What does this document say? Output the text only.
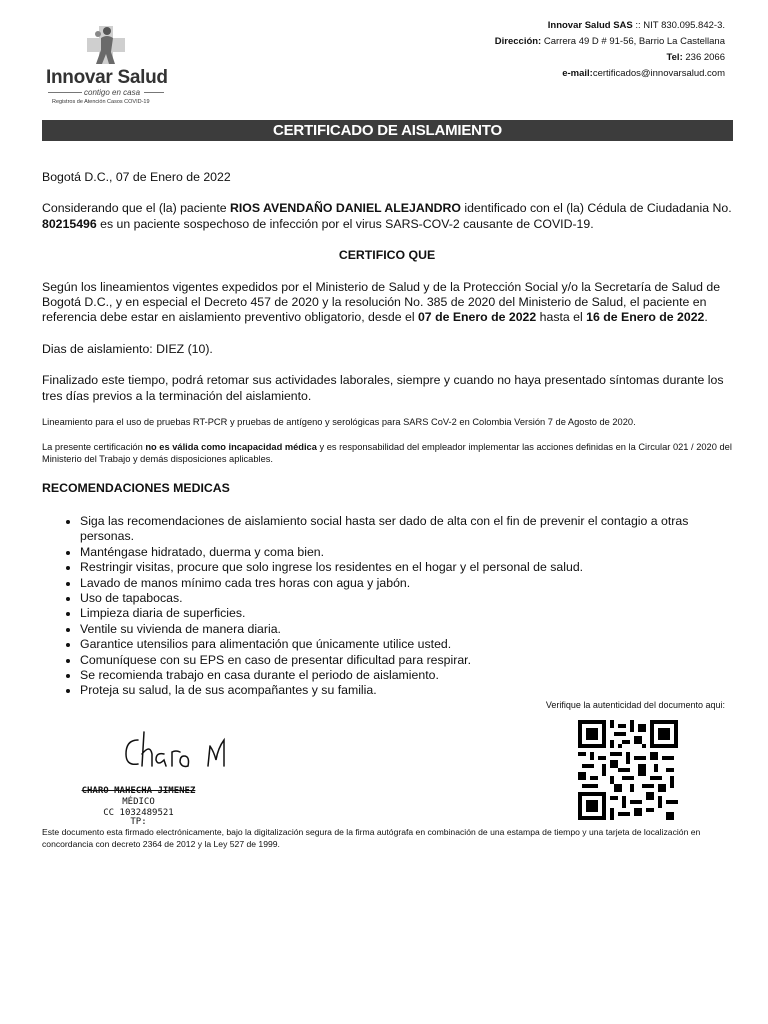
Innovar Salud
contigo en casa
Registros de Atención Casos COVID-19
Innovar Salud SAS :: NIT 830.095.842-3.
Dirección: Carrera 49 D # 91-56, Barrio La Castellana
Tel: 236 2066
e-mail:certificados@innovarsalud.com
CERTIFICADO DE AISLAMIENTO

Bogotá D.C., 07 de Enero de 2022

Considerando que el (la) paciente RIOS AVENDAÑO DANIEL ALEJANDRO identificado con el (la) Cédula de Ciudadania No. 80215496 es un paciente sospechoso de infección por el virus SARS-COV-2 causante de COVID-19.

CERTIFICO QUE

Según los lineamientos vigentes expedidos por el Ministerio de Salud y de la Protección Social y/o la Secretaría de Salud de Bogotá D.C., y en especial el Decreto 457 de 2020 y la resolución No. 385 de 2020 del Ministerio de Salud, el paciente en referencia debe estar en aislamiento preventivo obligatorio, desde el 07 de Enero de 2022 hasta el 16 de Enero de 2022.

Dias de aislamiento: DIEZ (10).

Finalizado este tiempo, podrá retomar sus actividades laborales, siempre y cuando no haya presentado síntomas durante los tres días previos a la terminación del aislamiento.

Lineamiento para el uso de pruebas RT-PCR y pruebas de antígeno y serológicas para SARS CoV-2 en Colombia Versión 7 de Agosto de 2020.

La presente certificación no es válida como incapacidad médica y es responsabilidad del empleador implementar las acciones definidas en la Circular 021 / 2020 del Ministerio del Trabajo y demás disposiciones aplicables.

RECOMENDACIONES MEDICAS

• Siga las recomendaciones de aislamiento social hasta ser dado de alta con el fin de prevenir el contagio a otras personas.
• Manténgase hidratado, duerma y coma bien.
• Restringir visitas, procure que solo ingrese los residentes en el hogar y el personal de salud.
• Lavado de manos mínimo cada tres horas con agua y jabón.
• Uso de tapabocas.
• Limpieza diaria de superficies.
• Ventile su vivienda de manera diaria.
• Garantice utensilios para alimentación que únicamente utilice usted.
• Comuníquese con su EPS en caso de presentar dificultad para respirar.
• Se recomienda trabajo en casa durante el periodo de aislamiento.
• Proteja su salud, la de sus acompañantes y su familia.
Verifique la autenticidad del documento aqui:
CHARO MAHECHA JIMENEZ
MÉDICO
CC 1032489521
TP:
Este documento esta firmado electrónicamente, bajo la digitalización segura de la firma autógrafa en combinación de una estampa de tiempo y una tarjeta de localización en concordancia con decreto 2364 de 2012 y la Ley 527 de 1999.
